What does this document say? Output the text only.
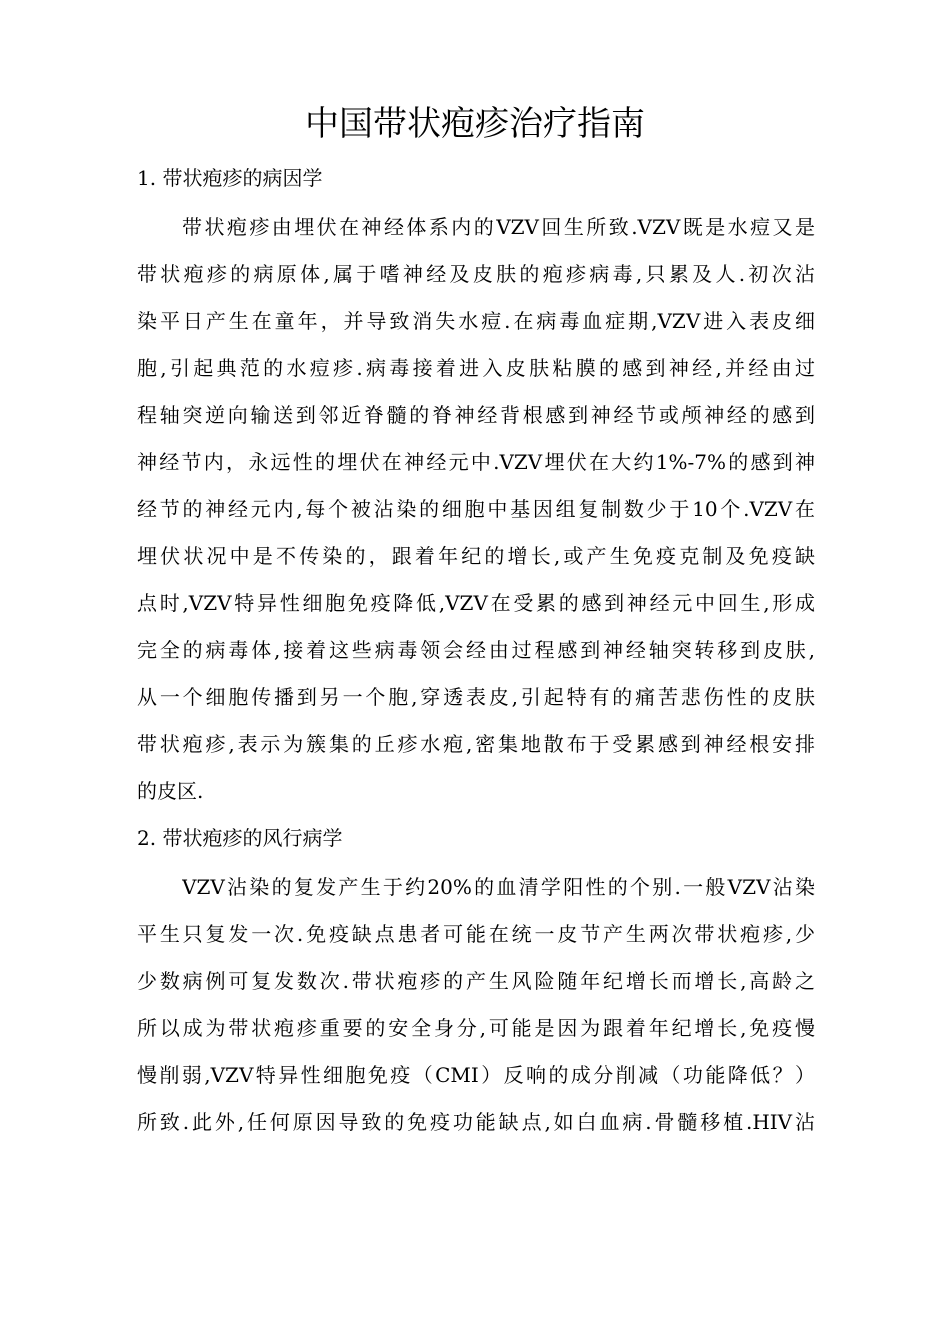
中国带状疱疹治疗指南
1. 带状疱疹的病因学
带状疱疹由埋伏在神经体系内的VZV回生所致.VZV既是水痘又是
带状疱疹的病原体,属于嗜神经及皮肤的疱疹病毒,只累及人.初次沾
染平日产生在童年，并导致消失水痘.在病毒血症期,VZV进入表皮细
胞,引起典范的水痘疹.病毒接着进入皮肤粘膜的感到神经,并经由过
程轴突逆向输送到邻近脊髓的脊神经背根感到神经节或颅神经的感到
神经节内，永远性的埋伏在神经元中.VZV埋伏在大约1%-7%的感到神
经节的神经元内,每个被沾染的细胞中基因组复制数少于10个.VZV在
埋伏状况中是不传染的，跟着年纪的增长,或产生免疫克制及免疫缺
点时,VZV特异性细胞免疫降低,VZV在受累的感到神经元中回生,形成
完全的病毒体,接着这些病毒领会经由过程感到神经轴突转移到皮肤,
从一个细胞传播到另一个胞,穿透表皮,引起特有的痛苦悲伤性的皮肤
带状疱疹,表示为簇集的丘疹水疱,密集地散布于受累感到神经根安排
的皮区.
2. 带状疱疹的风行病学
VZV沾染的复发产生于约20%的血清学阳性的个别.一般VZV沾染
平生只复发一次.免疫缺点患者可能在统一皮节产生两次带状疱疹,少
少数病例可复发数次.带状疱疹的产生风险随年纪增长而增长,高龄之
所以成为带状疱疹重要的安全身分,可能是因为跟着年纪增长,免疫慢
慢削弱,VZV特异性细胞免疫（CMI）反响的成分削减（功能降低？）
所致.此外,任何原因导致的免疫功能缺点,如白血病.骨髓移植.HIV沾
